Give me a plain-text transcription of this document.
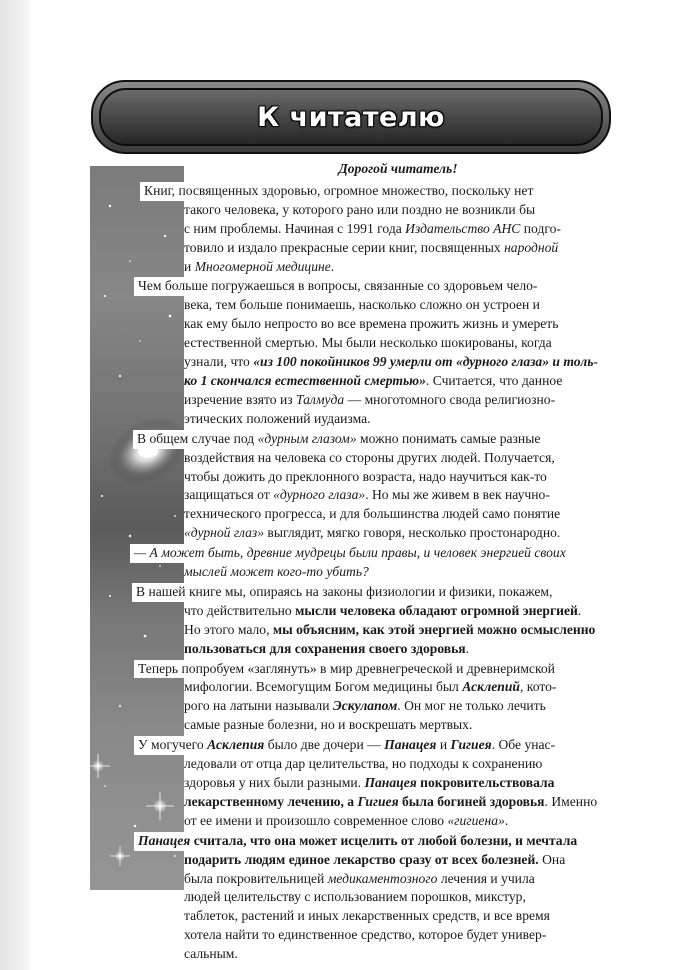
К читателю
Дорогой читатель!
Книг, посвященных здоровью, огромное множество, поскольку нет
такого человека, у которого рано или поздно не возникли бы
с ним проблемы. Начиная с 1991 года Издательство АНС подго-
товило и издало прекрасные серии книг, посвященных народной
и Многомерной медицине.
Чем больше погружаешься в вопросы, связанные со здоровьем чело-
века, тем больше понимаешь, насколько сложно он устроен и
как ему было непросто во все времена прожить жизнь и умереть
естественной смертью. Мы были несколько шокированы, когда
узнали, что «из 100 покойников 99 умерли от «дурного глаза» и толь-
ко 1 скончался естественной смертью». Считается, что данное
изречение взято из Талмуда — многотомного свода религиозно-
этических положений иудаизма.
В общем случае под «дурным глазом» можно понимать самые разные
воздействия на человека со стороны других людей. Получается,
чтобы дожить до преклонного возраста, надо научиться как-то
защищаться от «дурного глаза». Но мы же живем в век научно-
технического прогресса, и для большинства людей само понятие
«дурной глаз» выглядит, мягко говоря, несколько простонародно.
— А может быть, древние мудрецы были правы, и человек энергией своих
мыслей может кого-то убить?
В нашей книге мы, опираясь на законы физиологии и физики, покажем,
что действительно мысли человека обладают огромной энергией.
Но этого мало, мы объясним, как этой энергией можно осмысленно
пользоваться для сохранения своего здоровья.
Теперь попробуем «заглянуть» в мир древнегреческой и древнеримской
мифологии. Всемогущим Богом медицины был Асклепий, кото-
рого на латыни называли Эскулапом. Он мог не только лечить
самые разные болезни, но и воскрешать мертвых.
У могучего Асклепия было две дочери — Панацея и Гигиея. Обе унас-
ледовали от отца дар целительства, но подходы к сохранению
здоровья у них были разными. Панацея покровительствовала
лекарственному лечению, а Гигиея была богиней здоровья. Именно
от ее имени и произошло современное слово «гигиена».
Панацея считала, что она может исцелить от любой болезни, и мечтала
подарить людям единое лекарство сразу от всех болезней. Она
была покровительницей медикаментозного лечения и учила
людей целительству с использованием порошков, микстур,
таблеток, растений и иных лекарственных средств, и все время
хотела найти то единственное средство, которое будет универ-
сальным.
